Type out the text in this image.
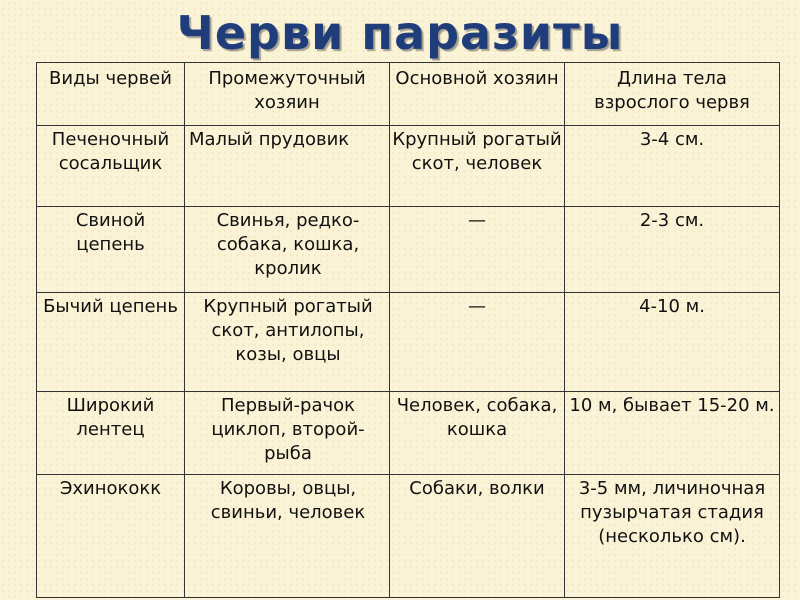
Черви паразиты
Виды червей	Промежуточный хозяин	Основной хозяин	Длина тела взрослого червя
Печеночный сосальщик	Малый прудовик	Крупный рогатый скот, человек	3-4 см.
Свиной цепень	Свинья, редко-собака, кошка, кролик	—	2-3 см.
Бычий цепень	Крупный рогатый скот, антилопы, козы, овцы	—	4-10 м.
Широкий лентец	Первый-рачок циклоп, второй-рыба	Человек, собака, кошка	10 м, бывает 15-20 м.
Эхинококк	Коровы, овцы, свиньи, человек	Собаки, волки	3-5 мм, личиночная пузырчатая стадия (несколько см).
